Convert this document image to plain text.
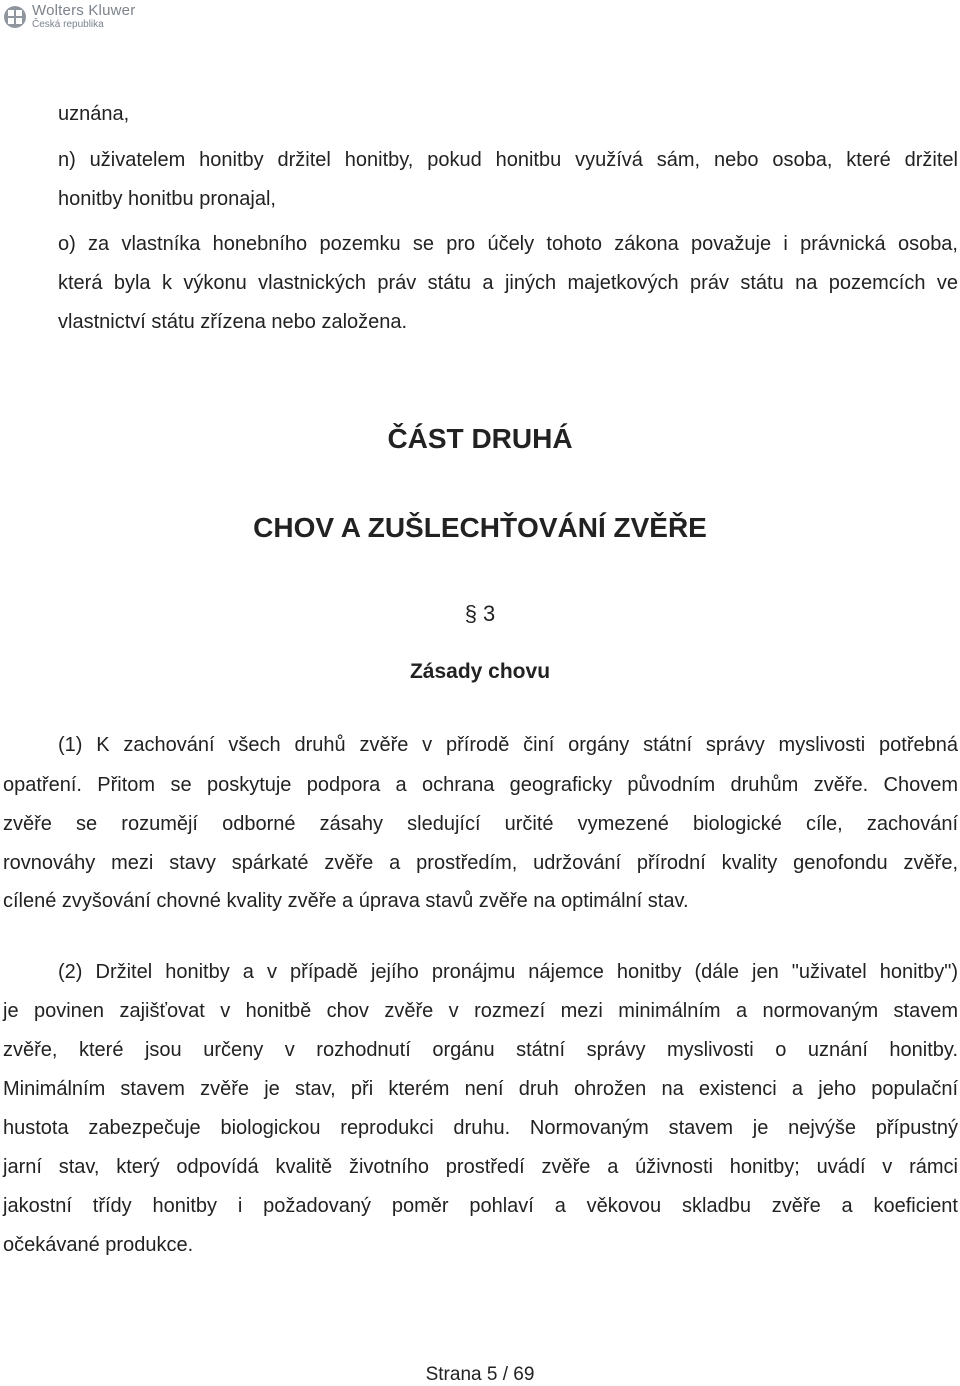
Wolters Kluwer
Česká republika
uznána,
n) uživatelem honitby držitel honitby, pokud honitbu využívá sám, nebo osoba, které držitel
honitby honitbu pronajal,
o) za vlastníka honebního pozemku se pro účely tohoto zákona považuje i právnická osoba,
která byla k výkonu vlastnických práv státu a jiných majetkových práv státu na pozemcích ve
vlastnictví státu zřízena nebo založena.
ČÁST DRUHÁ
CHOV A ZUŠLECHŤOVÁNÍ ZVĚŘE
§ 3
Zásady chovu
(1) K zachování všech druhů zvěře v přírodě činí orgány státní správy myslivosti potřebná
opatření. Přitom se poskytuje podpora a ochrana geograficky původním druhům zvěře. Chovem
zvěře se rozumějí odborné zásahy sledující určité vymezené biologické cíle, zachování
rovnováhy mezi stavy spárkaté zvěře a prostředím, udržování přírodní kvality genofondu zvěře,
cílené zvyšování chovné kvality zvěře a úprava stavů zvěře na optimální stav.
(2) Držitel honitby a v případě jejího pronájmu nájemce honitby (dále jen "uživatel honitby")
je povinen zajišťovat v honitbě chov zvěře v rozmezí mezi minimálním a normovaným stavem
zvěře, které jsou určeny v rozhodnutí orgánu státní správy myslivosti o uznání honitby.
Minimálním stavem zvěře je stav, při kterém není druh ohrožen na existenci a jeho populační
hustota zabezpečuje biologickou reprodukci druhu. Normovaným stavem je nejvýše přípustný
jarní stav, který odpovídá kvalitě životního prostředí zvěře a úživnosti honitby; uvádí v rámci
jakostní třídy honitby i požadovaný poměr pohlaví a věkovou skladbu zvěře a koeficient
očekávané produkce.
Strana 5 / 69
